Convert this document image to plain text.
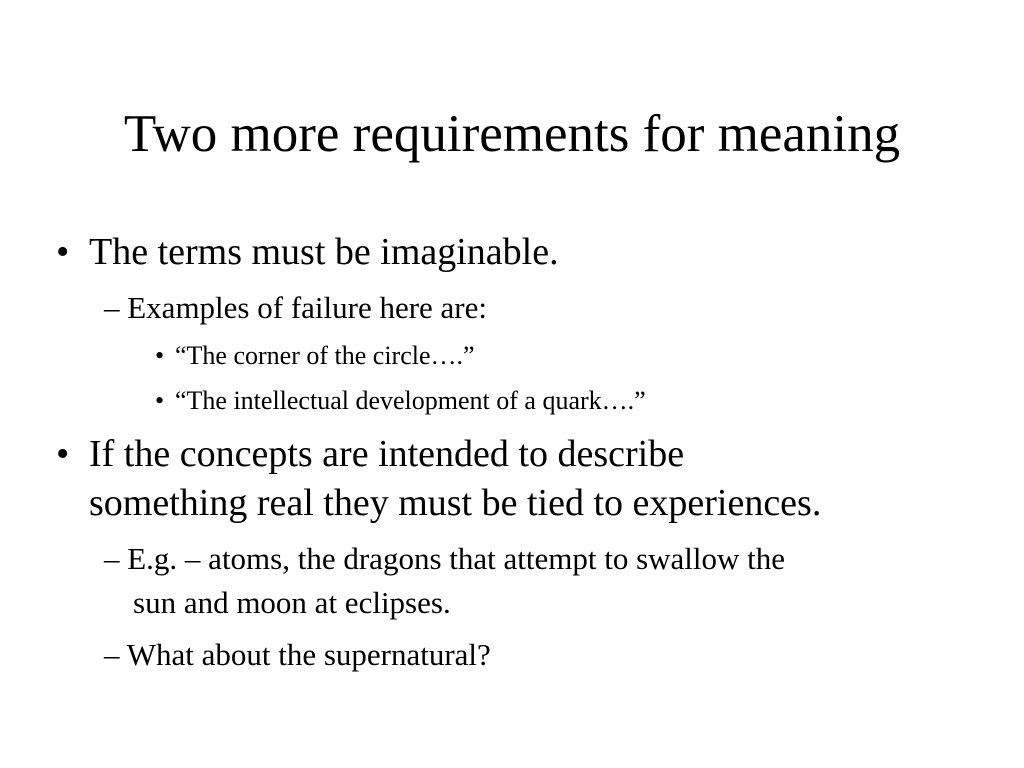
Two more requirements for meaning
• The terms must be imaginable.
– Examples of failure here are:
• “The corner of the circle….”
• “The intellectual development of a quark….”
• If the concepts are intended to describe
something real they must be tied to experiences.
– E.g. – atoms, the dragons that attempt to swallow the
sun and moon at eclipses.
– What about the supernatural?
